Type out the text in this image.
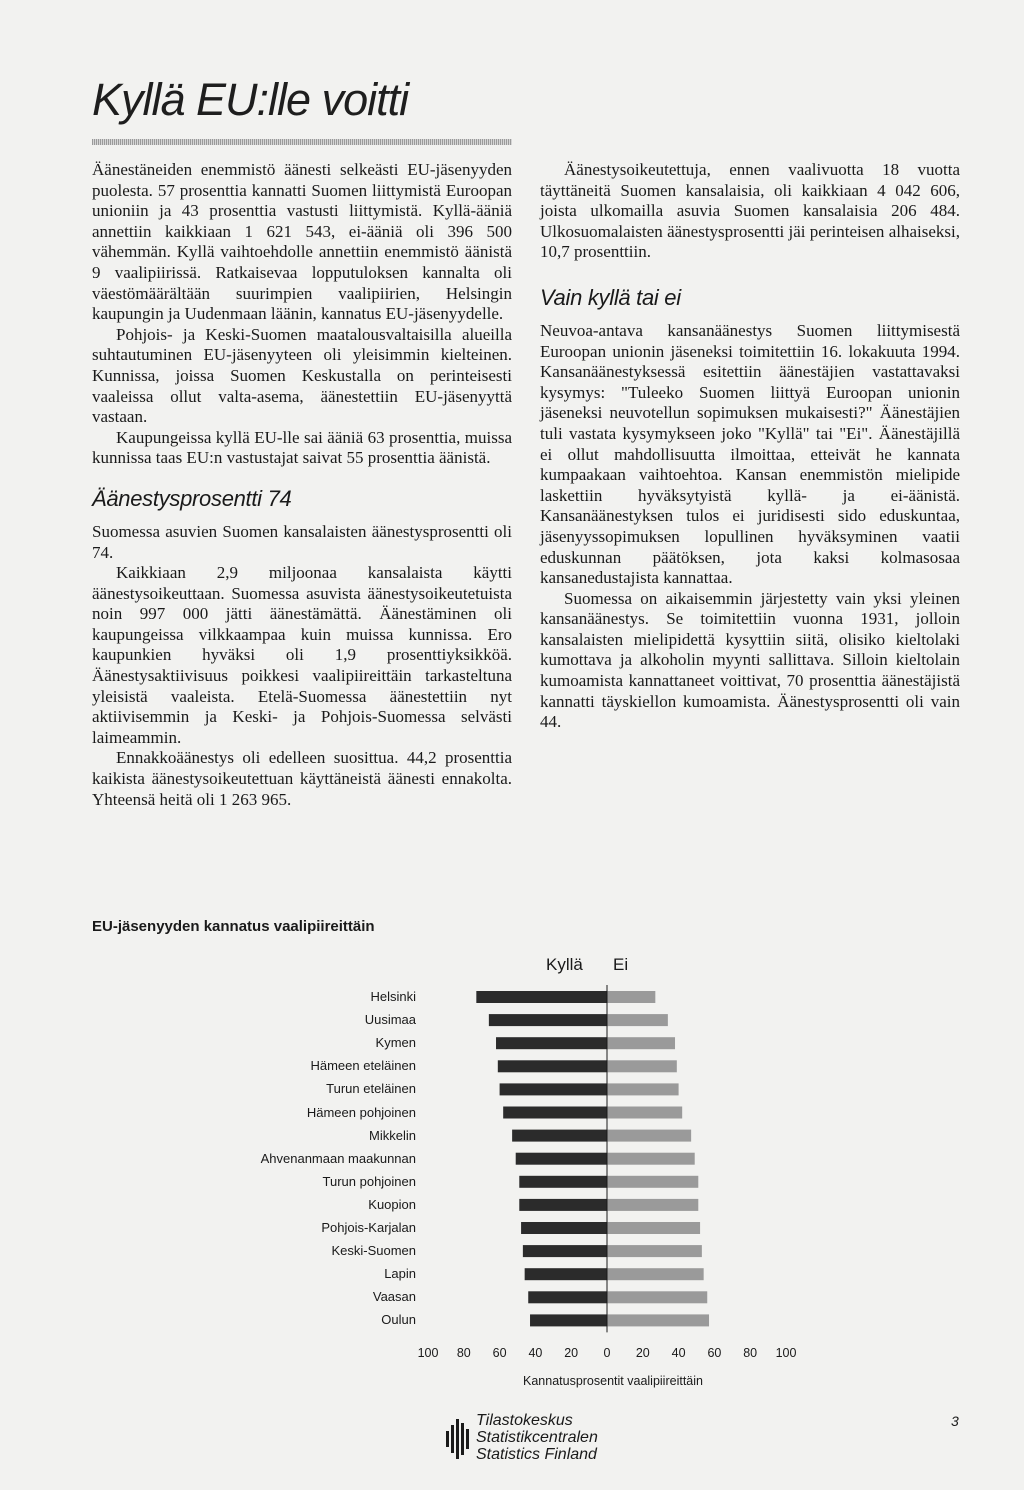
Kyllä EU:lle voitti

Äänestäneiden enemmistö äänesti selkeästi EU-jäsenyyden puolesta. 57 prosenttia kannatti Suomen liittymistä Euroopan unioniin ja 43 prosenttia vastusti liittymistä. Kyllä-ääniä annettiin kaikkiaan 1 621 543, ei-ääniä oli 396 500 vähemmän. Kyllä vaihtoehdolle annettiin enemmistö äänistä 9 vaalipiirissä. Ratkaisevaa lopputuloksen kannalta oli väestömäärältään suurimpien vaalipiirien, Helsingin kaupungin ja Uudenmaan läänin, kannatus EU-jäsenyydelle.

Pohjois- ja Keski-Suomen maatalousvaltaisilla alueilla suhtautuminen EU-jäsenyyteen oli yleisimmin kielteinen. Kunnissa, joissa Suomen Keskustalla on perinteisesti vaaleissa ollut valta-asema, äänestettiin EU-jäsenyyttä vastaan.

Kaupungeissa kyllä EU-lle sai ääniä 63 prosenttia, muissa kunnissa taas EU:n vastustajat saivat 55 prosenttia äänistä.

Äänestysprosentti 74

Suomessa asuvien Suomen kansalaisten äänestysprosentti oli 74.

Kaikkiaan 2,9 miljoonaa kansalaista käytti äänestysoikeuttaan. Suomessa asuvista äänestysoikeutetuista noin 997 000 jätti äänestämättä. Äänestäminen oli kaupungeissa vilkkaampaa kuin muissa kunnissa. Ero kaupunkien hyväksi oli 1,9 prosenttiyksikköä. Äänestysaktiivisuus poikkesi vaalipiireittäin tarkasteltuna yleisistä vaaleista. Etelä-Suomessa äänestettiin nyt aktiivisemmin ja Keski- ja Pohjois-Suomessa selvästi laimeammin.

Ennakkoäänestys oli edelleen suosittua. 44,2 prosenttia kaikista äänestysoikeutettuan käyttäneistä äänesti ennakolta. Yhteensä heitä oli 1 263 965.

Äänestysoikeutettuja, ennen vaalivuotta 18 vuotta täyttäneitä Suomen kansalaisia, oli kaikkiaan 4 042 606, joista ulkomailla asuvia Suomen kansalaisia 206 484. Ulkosuomalaisten äänestysprosentti jäi perinteisen alhaiseksi, 10,7 prosenttiin.

Vain kyllä tai ei

Neuvoa-antava kansanäänestys Suomen liittymisestä Euroopan unionin jäseneksi toimitettiin 16. lokakuuta 1994. Kansanäänestyksessä esitettiin äänestäjien vastattavaksi kysymys: "Tuleeko Suomen liittyä Euroopan unionin jäseneksi neuvotellun sopimuksen mukaisesti?" Äänestäjien tuli vastata kysymykseen joko "Kyllä" tai "Ei". Äänestäjillä ei ollut mahdollisuutta ilmoittaa, etteivät he kannata kumpaakaan vaihtoehtoa. Kansan enemmistön mielipide laskettiin hyväksytyistä kyllä- ja ei-äänistä. Kansanäänestyksen tulos ei juridisesti sido eduskuntaa, jäsenyyssopimuksen lopullinen hyväksyminen vaatii eduskunnan päätöksen, jota kaksi kolmasosaa kansanedustajista kannattaa.

Suomessa on aikaisemmin järjestetty vain yksi yleinen kansanäänestys. Se toimitettiin vuonna 1931, jolloin kansalaisten mielipidettä kysyttiin siitä, olisiko kieltolaki kumottava ja alkoholin myynti sallittava. Silloin kieltolain kumoamista kannattaneet voittivat, 70 prosenttia äänestäjistä kannatti täyskiellon kumoamista. Äänestysprosentti oli vain 44.

EU-jäsenyyden kannatus vaalipiireittäin
Kyllä Ei
Helsinki
Uusimaa
Kymen
Hämeen eteläinen
Turun eteläinen
Hämeen pohjoinen
Mikkelin
Ahvenanmaan maakunnan
Turun pohjoinen
Kuopion
Pohjois-Karjalan
Keski-Suomen
Lapin
Vaasan
Oulun
100	80	60	40	20	0	20	40	60	80	100
Kannatusprosentit vaalipiireittäin
Tilastokeskus
Statistikcentralen
Statistics Finland
3
